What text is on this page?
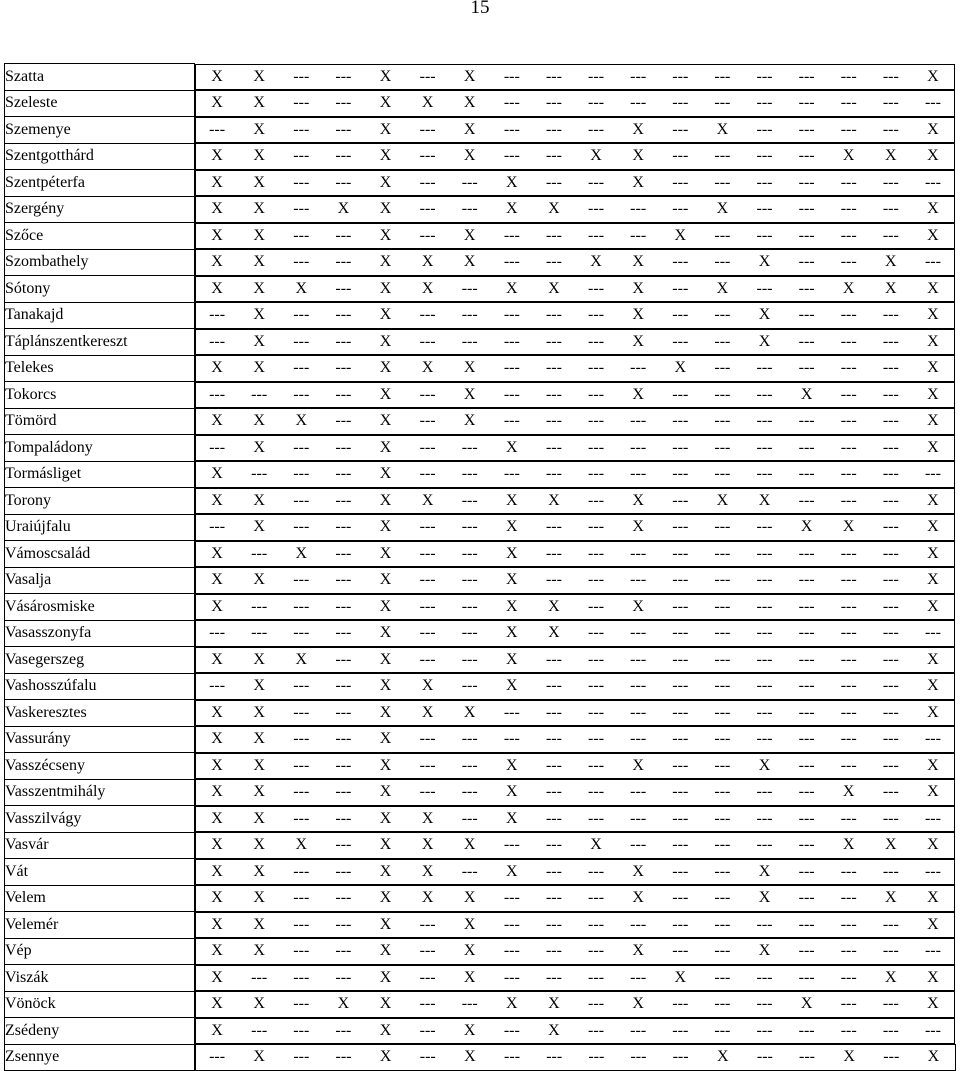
15
Szatta		X	X	---	---	X	---	X	---	---	---	---	---	---	---	---	---	---	X

Szeleste		X	X	---	---	X	X	X	---	---	---	---	---	---	---	---	---	---	---

Szemenye		---	X	---	---	X	---	X	---	---	---	X	---	X	---	---	---	---	X

Szentgotthárd		X	X	---	---	X	---	X	---	---	X	X	---	---	---	---	X	X	X

Szentpéterfa		X	X	---	---	X	---	---	X	---	---	X	---	---	---	---	---	---	---

Szergény		X	X	---	X	X	---	---	X	X	---	---	---	X	---	---	---	---	X

Szőce		X	X	---	---	X	---	X	---	---	---	---	X	---	---	---	---	---	X

Szombathely		X	X	---	---	X	X	X	---	---	X	X	---	---	X	---	---	X	---

Sótony		X	X	X	---	X	X	---	X	X	---	X	---	X	---	---	X	X	X

Tanakajd		---	X	---	---	X	---	---	---	---	---	X	---	---	X	---	---	---	X

Táplánszentkereszt		---	X	---	---	X	---	---	---	---	---	X	---	---	X	---	---	---	X

Telekes		X	X	---	---	X	X	X	---	---	---	---	X	---	---	---	---	---	X

Tokorcs		---	---	---	---	X	---	X	---	---	---	X	---	---	---	X	---	---	X

Tömörd		X	X	X	---	X	---	X	---	---	---	---	---	---	---	---	---	---	X

Tompaládony		---	X	---	---	X	---	---	X	---	---	---	---	---	---	---	---	---	X

Tormásliget		X	---	---	---	X	---	---	---	---	---	---	---	---	---	---	---	---	---

Torony		X	X	---	---	X	X	---	X	X	---	X	---	X	X	---	---	---	X

Uraiújfalu		---	X	---	---	X	---	---	X	---	---	X	---	---	---	X	X	---	X

Vámoscsalád		X	---	X	---	X	---	---	X	---	---	---	---	---	---	---	---	---	X

Vasalja		X	X	---	---	X	---	---	X	---	---	---	---	---	---	---	---	---	X

Vásárosmiske		X	---	---	---	X	---	---	X	X	---	X	---	---	---	---	---	---	X

Vasasszonyfa		---	---	---	---	X	---	---	X	X	---	---	---	---	---	---	---	---	---

Vasegerszeg		X	X	X	---	X	---	---	X	---	---	---	---	---	---	---	---	---	X

Vashosszúfalu		---	X	---	---	X	X	---	X	---	---	---	---	---	---	---	---	---	X

Vaskeresztes		X	X	---	---	X	X	X	---	---	---	---	---	---	---	---	---	---	X

Vassurány		X	X	---	---	X	---	---	---	---	---	---	---	---	---	---	---	---	---

Vasszécseny		X	X	---	---	X	---	---	X	---	---	X	---	---	X	---	---	---	X

Vasszentmihály		X	X	---	---	X	---	---	X	---	---	---	---	---	---	---	X	---	X

Vasszilvágy		X	X	---	---	X	X	---	X	---	---	---	---	---	---	---	---	---	---

Vasvár		X	X	X	---	X	X	X	---	---	X	---	---	---	---	---	X	X	X

Vát		X	X	---	---	X	X	---	X	---	---	X	---	---	X	---	---	---	---

Velem		X	X	---	---	X	X	X	---	---	---	X	---	---	X	---	---	X	X

Velemér		X	X	---	---	X	---	X	---	---	---	---	---	---	---	---	---	---	X

Vép		X	X	---	---	X	---	X	---	---	---	X	---	---	X	---	---	---	---

Viszák		X	---	---	---	X	---	X	---	---	---	---	X	---	---	---	---	X	X

Vönöck		X	X	---	X	X	---	---	X	X	---	X	---	---	---	X	---	---	X

Zsédeny		X	---	---	---	X	---	X	---	X	---	---	---	---	---	---	---	---	---

Zsennye		---	X	---	---	X	---	X	---	---	---	---	---	X	---	---	X	---	X
